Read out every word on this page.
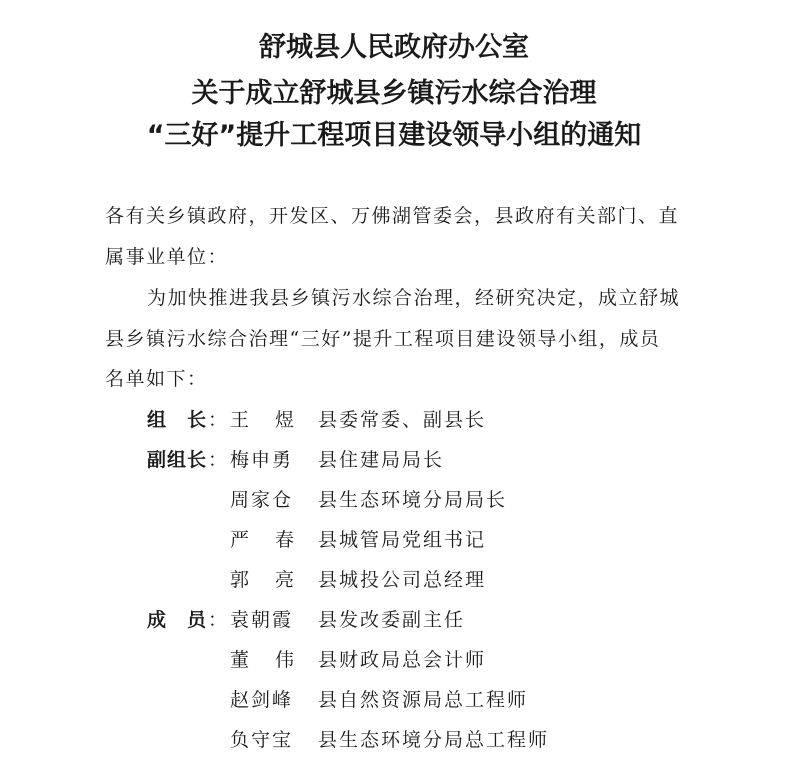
舒城县人民政府办公室
关于成立舒城县乡镇污水综合治理
“三好”提升工程项目建设领导小组的通知

各有关乡镇政府，开发区、万佛湖管委会，县政府有关部门、直

属事业单位：

为加快推进我县乡镇污水综合治理，经研究决定，成立舒城

县乡镇污水综合治理“三好”提升工程项目建设领导小组，成员

名单如下：

组　长： 王煜
县委常委、副县长
副组长： 梅申勇 县住建局局长
周家仓 县生态环境分局局长
严春
县城管局党组书记
郭亮
县城投公司总经理
成　员： 袁朝霞 县发改委副主任
董伟
县财政局总会计师
赵剑峰 县自然资源局总工程师
负守宝 县生态环境分局总工程师
